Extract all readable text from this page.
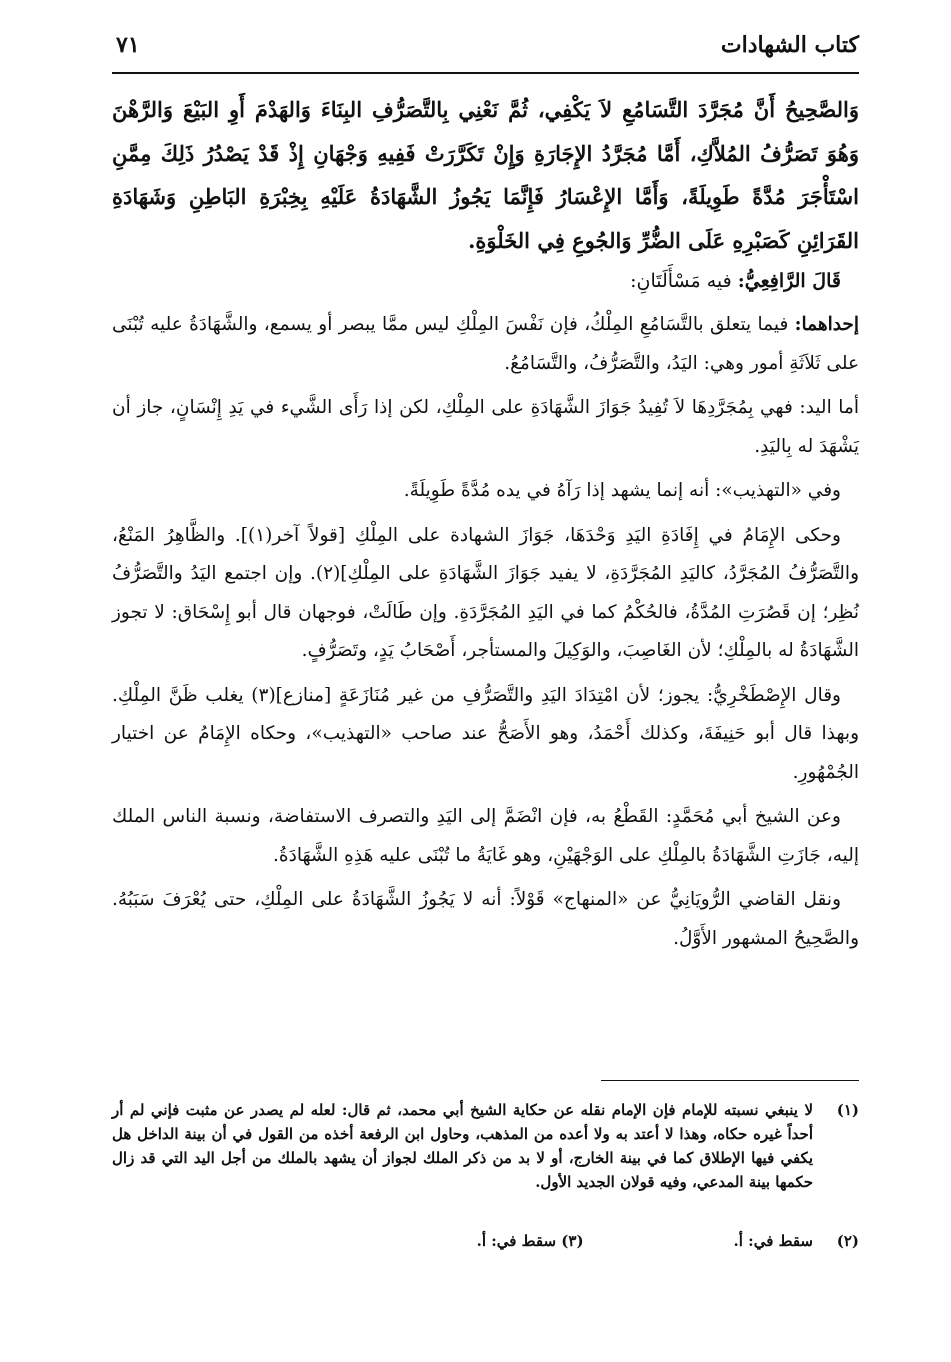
كتاب الشهادات
٧١

وَالصَّحِيحُ أَنَّ مُجَرَّدَ التَّسَامُعِ لاَ يَكْفِي، ثُمَّ نَعْنِي بِالتَّصَرُّفِ البِنَاءَ وَالهَدْمَ أَوِ البَيْعَ وَالرَّهْنَ وَهُوَ تَصَرُّفُ المُلاَّكِ، أَمَّا مُجَرَّدُ الإِجَارَةِ وَإِنْ تَكَرَّرَتْ فَفِيهِ وَجْهَانِ إِذْ قَدْ يَصْدُرُ ذَلِكَ مِمَّنِ اسْتَأْجَرَ مُدَّةً طَوِيلَةً، وَأَمَّا الإِعْسَارُ فَإِنَّمَا يَجُوزُ الشَّهَادَةُ عَلَيْهِ بِخِبْرَةِ البَاطِنِ وَشَهَادَةِ القَرَائِنِ كَصَبْرِهِ عَلَى الضُّرِّ وَالجُوعِ فِي الخَلْوَةِ.

قَالَ الرَّافِعِيُّ: فيه مَسْأَلَتَانِ:

إحداهما: فيما يتعلق بالتَّسَامُعِ المِلْكُ، فإن نَفْسَ المِلْكِ ليس ممَّا يبصر أو يسمع، والشَّهَادَةُ عليه تُبْنَى على ثَلاَثَةِ أمور وهي: اليَدُ، والتَّصَرُّفُ، والتَّسَامُعُ.

أما اليد: فهي بِمُجَرَّدِهَا لاَ تُفِيدُ جَوَازَ الشَّهَادَةِ على المِلْكِ، لكن إذا رَأَى الشَّيء في يَدِ إِنْسَانٍ، جاز أن يَشْهَدَ له بِاليَدِ.

وفي «التهذيب»: أنه إنما يشهد إذا رَآهُ في يده مُدَّةً طَوِيلَةً.

وحكى الإِمَامُ في إِفَادَةِ اليَدِ وَحْدَهَا، جَوَازَ الشهادة على المِلْكِ [قولاً آخر(١)]. والظَّاهِرُ المَنْعُ، والتَّصَرُّفُ المُجَرَّدُ، كاليَدِ المُجَرَّدَةِ، لا يفيد جَوَازَ الشَّهَادَةِ على المِلْكِ](٢). وإن اجتمع اليَدُ والتَّصَرُّفُ نُظِر؛ إن قَصُرَتِ المُدَّةُ، فالحُكْمُ كما في اليَدِ المُجَرَّدَةِ. وإن طَالَتْ، فوجهان قال أبو إِسْحَاق: لا تجوز الشَّهَادَةُ له بالمِلْكِ؛ لأن الغَاصِبَ، والوَكِيلَ والمستأجر، أَصْحَابُ يَدٍ، وتَصَرُّفٍ.

وقال الإِصْطَخْرِيُّ: يجوز؛ لأن امْتِدَادَ اليَدِ والتَّصَرُّفِ من غير مُنَازَعَةٍ [منازع](٣) يغلب ظَنَّ المِلْكِ. وبهذا قال أبو حَنِيفَةَ، وكذلك أَحْمَدُ، وهو الأَصَحُّ عند صاحب «التهذيب»، وحكاه الإِمَامُ عن اختيار الجُمْهُورِ.

وعن الشيخ أبي مُحَمَّدٍ: القَطْعُ به، فإن انْضَمَّ إلى اليَدِ والتصرف الاستفاضة، ونسبة الناس الملك إليه، جَازَتِ الشَّهَادَةُ بالمِلْكِ على الوَجْهَيْنِ، وهو غَايَةُ ما تُبْنَى عليه هَذِهِ الشَّهَادَةُ.

ونقل القاضي الرُّويَانِيُّ عن «المنهاج» قَوْلاً: أنه لا يَجُوزُ الشَّهَادَةُ على المِلْكِ، حتى يُعْرَفَ سَبَبُهُ. والصَّحِيحُ المشهور الأَوَّلُ.

(١)
لا ينبغي نسبته للإمام فإن الإمام نقله عن حكاية الشيخ أبي محمد، ثم قال: لعله لم يصدر عن مثبت فإني لم أر أحداً غيره حكاه، وهذا لا أعتد به ولا أعده من المذهب، وحاول ابن الرفعة أخذه من القول في أن بينة الداخل هل يكفي فيها الإطلاق كما في بينة الخارج، أو لا بد من ذكر الملك لجواز أن يشهد بالملك من أجل اليد التي قد زال حكمها بينة المدعي، وفيه قولان الجديد الأول.
(٢)
سقط في: أ.(٣) سقط في: أ.
